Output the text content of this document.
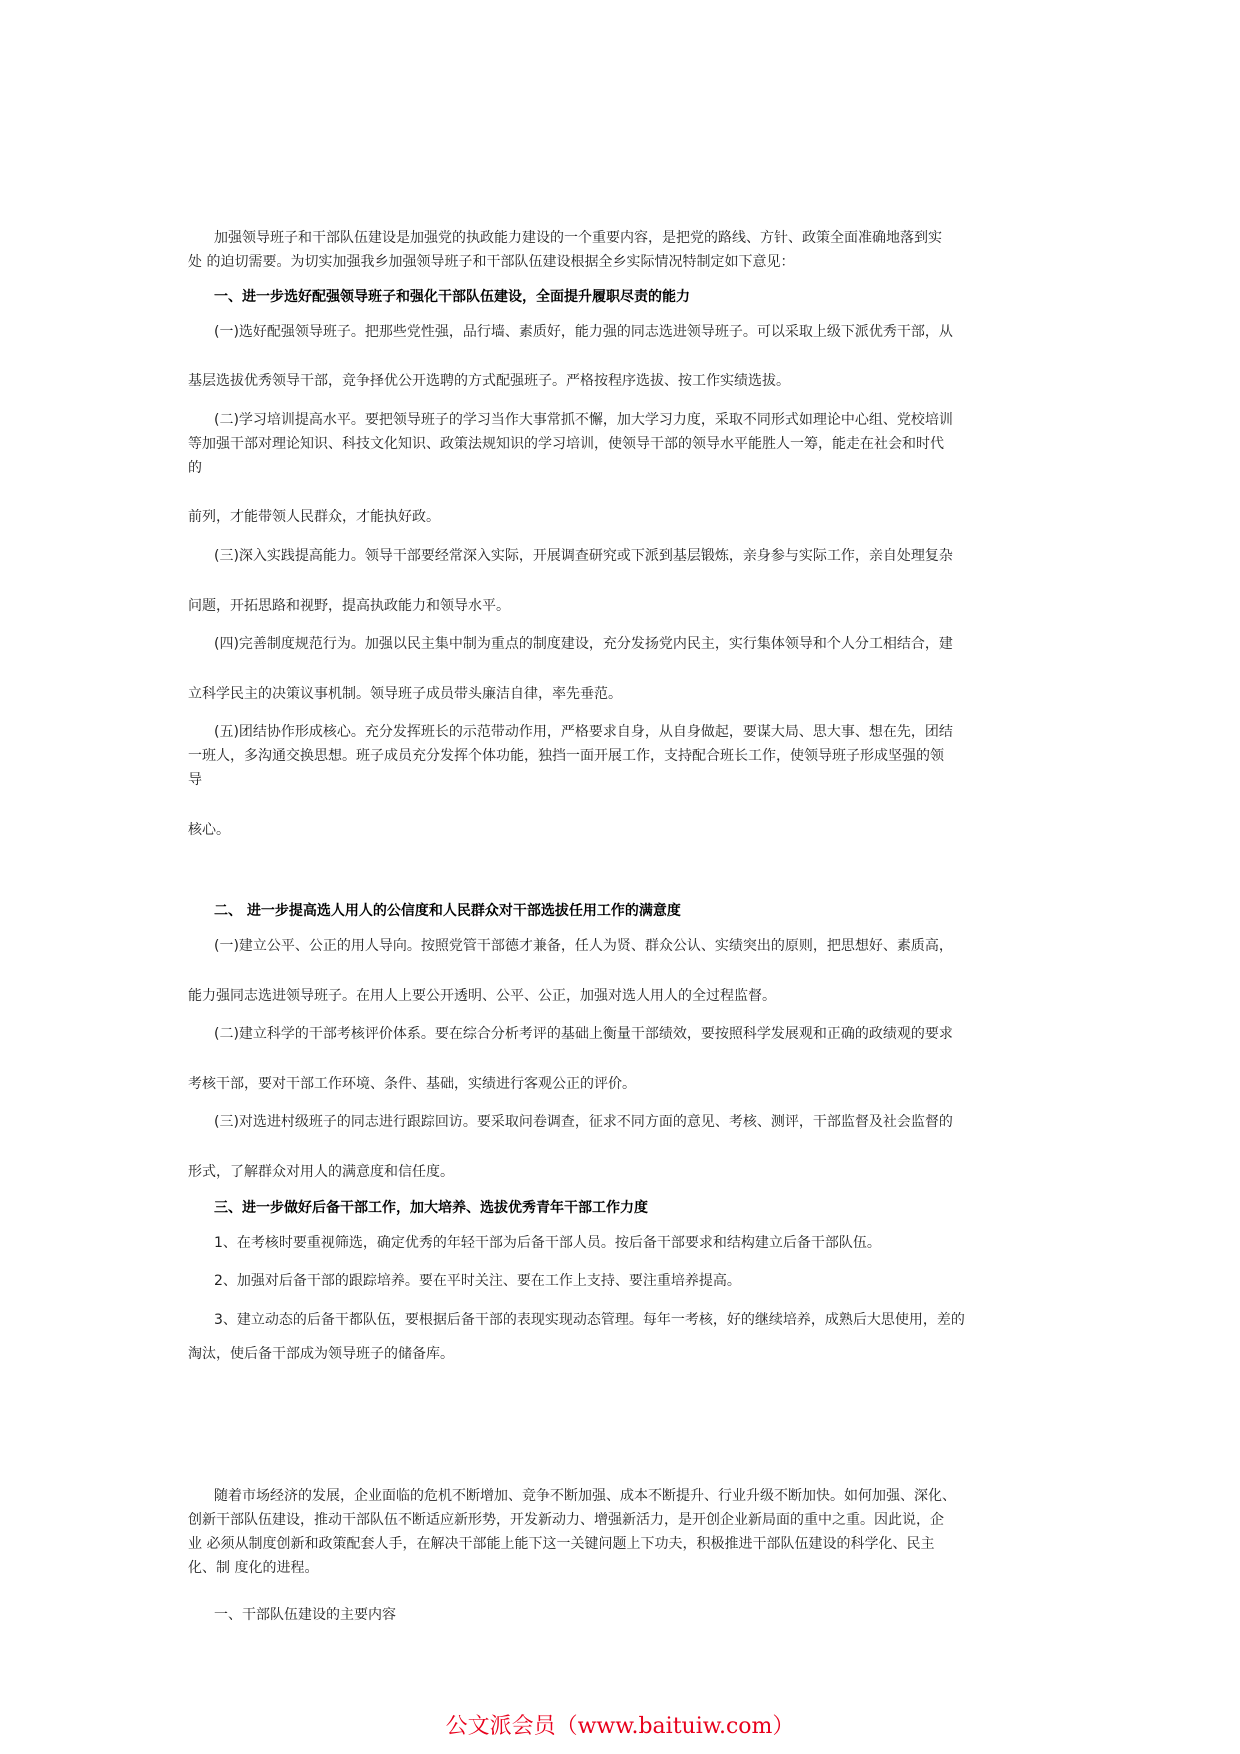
加强领导班子和干部队伍建设是加强党的执政能力建设的一个重要内容，是把党的路线、方针、政策全面准确地落到实
处 的迫切需要。为切实加强我乡加强领导班子和干部队伍建设根据全乡实际情况特制定如下意见：
一、进一步选好配强领导班子和强化干部队伍建设，全面提升履职尽责的能力
(一)选好配强领导班子。把那些党性强，品行墙、素质好，能力强的同志选进领导班子。可以采取上级下派优秀干部，从
基层选拔优秀领导干部，竞争择优公开选聘的方式配强班子。严格按程序选拔、按工作实绩选拔。
(二)学习培训提高水平。要把领导班子的学习当作大事常抓不懈，加大学习力度，采取不同形式如理论中心组、党校培训
等加强干部对理论知识、科技文化知识、政策法规知识的学习培训，使领导干部的领导水平能胜人一筹，能走在社会和时代
的
前列，才能带领人民群众，才能执好政。
(三)深入实践提高能力。领导干部要经常深入实际，开展调查研究或下派到基层锻炼，亲身参与实际工作，亲自处理复杂
问题，开拓思路和视野，提高执政能力和领导水平。
(四)完善制度规范行为。加强以民主集中制为重点的制度建设，充分发扬党内民主，实行集体领导和个人分工相结合，建
立科学民主的决策议事机制。领导班子成员带头廉洁自律，率先垂范。
(五)团结协作形成核心。充分发挥班长的示范带动作用，严格要求自身，从自身做起，要谋大局、思大事、想在先，团结
一班人，多沟通交换思想。班子成员充分发挥个体功能，独挡一面开展工作，支持配合班长工作，使领导班子形成坚强的领
导
核心。
二、 进一步提高选人用人的公信度和人民群众对干部选拔任用工作的满意度
(一)建立公平、公正的用人导向。按照党管干部德才兼备，任人为贤、群众公认、实绩突出的原则，把思想好、素质高，
能力强同志选进领导班子。在用人上要公开透明、公平、公正，加强对选人用人的全过程监督。
(二)建立科学的干部考核评价体系。要在综合分析考评的基础上衡量干部绩效，要按照科学发展观和正确的政绩观的要求
考核干部，要对干部工作环境、条件、基础，实绩进行客观公正的评价。
(三)对选进村级班子的同志进行跟踪回访。要采取问卷调查，征求不同方面的意见、考核、测评，干部监督及社会监督的
形式，了解群众对用人的满意度和信任度。
三、进一步做好后备干部工作，加大培养、选拔优秀青年干部工作力度
1、在考核时要重视筛选，确定优秀的年轻干部为后备干部人员。按后备干部要求和结构建立后备干部队伍。
2、加强对后备干部的跟踪培养。要在平时关注、要在工作上支持、要注重培养提高。
3、建立动态的后备干都队伍，要根据后备干部的表现实现动态管理。每年一考核，好的继续培养，成熟后大思使用，差的
淘汰，使后备干部成为领导班子的储备库。
随着市场经济的发展，企业面临的危机不断增加、竞争不断加强、成本不断提升、行业升级不断加快。如何加强、深化、
创新干部队伍建设，推动干部队伍不断适应新形势，开发新动力、增强新活力，是开创企业新局面的重中之重。因此说，企
业 必须从制度创新和政策配套人手，在解决干部能上能下这一关键问题上下功夫，积极推进干部队伍建设的科学化、民主
化、制 度化的进程。
一、干部队伍建设的主要内容
公文派会员（www.baituiw.com）
